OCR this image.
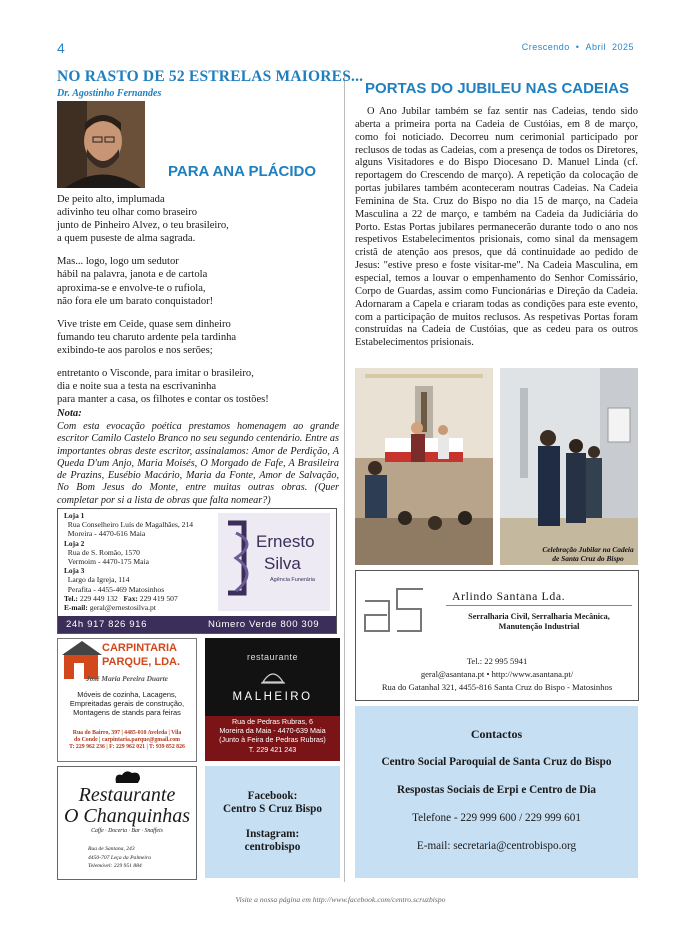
4	Crescendo • Abril 2025
NO RASTO DE 52 ESTRELAS MAIORES...
Dr. Agostinho Fernandes
PARA ANA PLÁCIDO

De peito alto, implumada
adivinho teu olhar como braseiro
junto de Pinheiro Alvez, o teu brasileiro,
a quem puseste de alma sagrada.

Mas... logo, logo um sedutor
hábil na palavra, janota e de cartola
aproxima-se e envolve-te o rufiola,
não fora ele um barato conquistador!

Vive triste em Ceide, quase sem dinheiro
fumando teu charuto ardente pela tardinha
exibindo-te aos parolos e nos serões;

entretanto o Visconde, para imitar o brasileiro,
dia e noite sua a testa na escrivaninha
para manter a casa, os filhotes e contar os tostões!

Nota:
Com esta evocação poética prestamos homenagem ao grande escritor Camilo Castelo Branco no seu segundo centenário. Entre as importantes obras deste escritor, assinalamos: Amor de Perdição, A Queda D'um Anjo, Maria Moisés, O Morgado de Fafe, A Brasileira de Prazins, Eusébio Macário, Maria da Fonte, Amor de Salvação, No Bom Jesus do Monte, entre muitas outras obras. (Quer completar por si a lista de obras que falta nomear?)
Loja 1
Rua Conselheiro Luís de Magalhães, 214
Moreira - 4470-616 Maia
Loja 2
Rua de S. Romão, 1570
Vermoim - 4470-175 Maia
Loja 3
Largo da Igreja, 114
Perafita - 4455-469 Matosinhos
Tel.: 229 449 132 Fax: 229 419 507
E-mail: geral@ernestosilva.pt
Ernesto
Silva
Agência Funerária
24h 917 826 916	Número Verde 800 309
CARPINTARIA
PARQUE, LDA.
José Maria Pereira Duarte
Móveis de cozinha, Lacagens,
Empreitadas gerais de construção,
Montagens de stands para feiras
Rua do Bairro, 397 | 4485-010 Aveleda | Vila
do Conde | carpintaria.parque@gmail.com
T: 229 962 236 | F: 229 962 021 | T: 939 852 826
restaurante
MALHEIRO
Rua de Pedras Rubras, 6
Moreira da Maia - 4470-639 Maia
(Junto à Feira de Pedras Rubras)
T. 229 421 243
Restaurante
O Chanquinhas
Caffe · Doceria · Bar · Snaffeis
Rua de Santana, 243
4450-707 Leça da Palmeira
Telemóvel: 229 951 884
Facebook:
Centro S Cruz Bispo
Instagram:
centrobispo
PORTAS DO JUBILEU NAS CADEIAS
O Ano Jubilar também se faz sentir nas Cadeias, tendo sido aberta a primeira porta na Cadeia de Custóias, em 8 de março, como foi noticiado. Decorreu num cerimonial participado por reclusos de todas as Cadeias, com a presença de todos os Diretores, alguns Visitadores e do Bispo Diocesano D. Manuel Linda (cf. reportagem do Crescendo de março). A repetição da colocação de portas jubilares também aconteceram noutras Cadeias. Na Cadeia Feminina de Sta. Cruz do Bispo no dia 15 de março, na Cadeia Masculina a 22 de março, e também na Cadeia da Judiciária do Porto. Estas Portas jubilares permanecerão durante todo o ano nos respetivos Estabelecimentos prisionais, como sinal da mensagem cristã de atenção aos presos, que dá continuidade ao pedido de Jesus: "estive preso e foste visitar-me". Na Cadeia Masculina, em especial, temos a louvar o empenhamento do Senhor Comissário, Corpo de Guardas, assim como Funcionárias e Direção da Cadeia. Adornaram a Capela e criaram todas as condições para este evento, com a participação de muitos reclusos. As respetivas Portas foram construídas na Cadeia de Custóias, que as cedeu para os outros Estabelecimentos prisionais.
Celebração Jubilar na Cadeia
de Santa Cruz do Bispo
Arlindo Santana Lda.
Serralharia Civil, Serralharia Mecânica,
Manutenção Industrial
Tel.: 22 995 5941
geral@asantana.pt • http://www.asantana.pt/
Rua do Gatanhal 321, 4455-816 Santa Cruz do Bispo - Matosinhos
Contactos
Centro Social Paroquial de Santa Cruz do Bispo
Respostas Sociais de Erpi e Centro de Dia
Telefone - 229 999 600 / 229 999 601
E-mail: secretaria@centrobispo.org
Visite a nossa página em http://www.facebook.com/centro.scruzbispo
